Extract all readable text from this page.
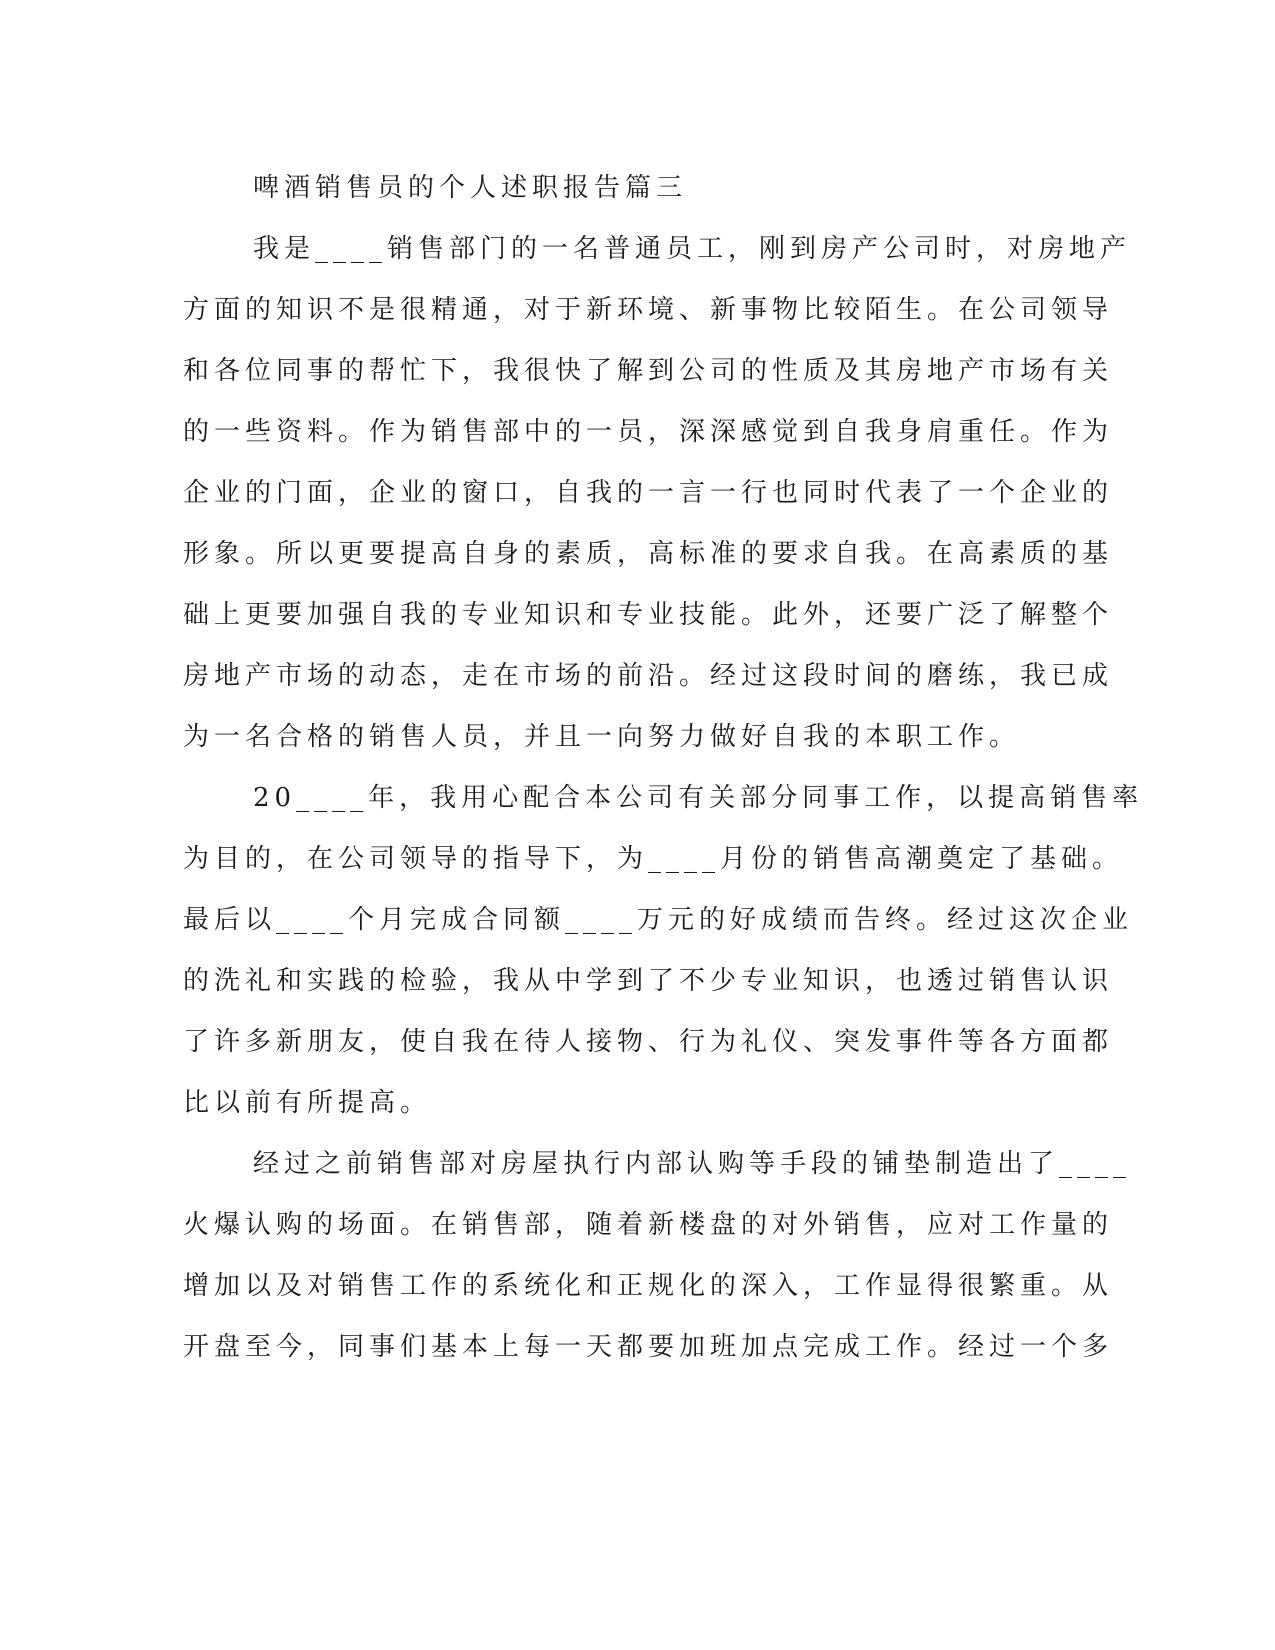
啤酒销售员的个人述职报告篇三
我是____销售部门的一名普通员工，刚到房产公司时，对房地产
方面的知识不是很精通，对于新环境、新事物比较陌生。在公司领导
和各位同事的帮忙下，我很快了解到公司的性质及其房地产市场有关
的一些资料。作为销售部中的一员，深深感觉到自我身肩重任。作为
企业的门面，企业的窗口，自我的一言一行也同时代表了一个企业的
形象。所以更要提高自身的素质，高标准的要求自我。在高素质的基
础上更要加强自我的专业知识和专业技能。此外，还要广泛了解整个
房地产市场的动态，走在市场的前沿。经过这段时间的磨练，我已成
为一名合格的销售人员，并且一向努力做好自我的本职工作。
20____年，我用心配合本公司有关部分同事工作，以提高销售率
为目的，在公司领导的指导下，为____月份的销售高潮奠定了基础。
最后以____个月完成合同额____万元的好成绩而告终。经过这次企业
的洗礼和实践的检验，我从中学到了不少专业知识，也透过销售认识
了许多新朋友，使自我在待人接物、行为礼仪、突发事件等各方面都
比以前有所提高。
经过之前销售部对房屋执行内部认购等手段的铺垫制造出了____
火爆认购的场面。在销售部，随着新楼盘的对外销售，应对工作量的
增加以及对销售工作的系统化和正规化的深入，工作显得很繁重。从
开盘至今，同事们基本上每一天都要加班加点完成工作。经过一个多
